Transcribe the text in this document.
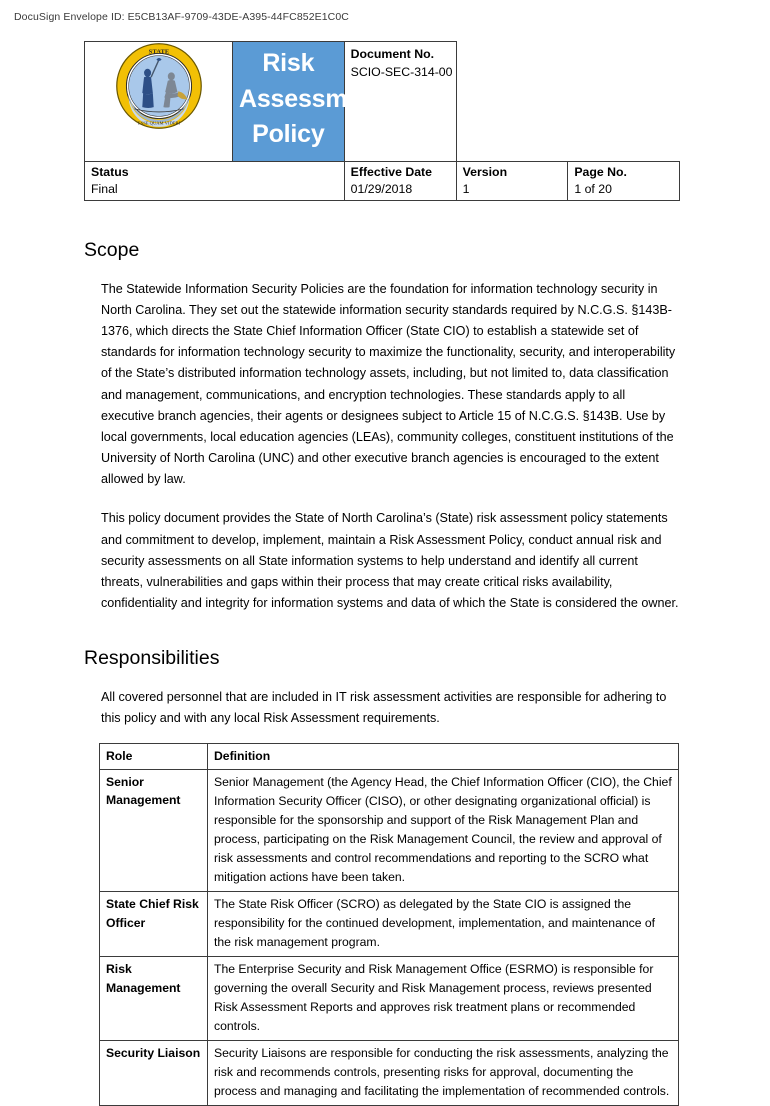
DocuSign Envelope ID: E5CB13AF-9709-43DE-A395-44FC852E1C0C
STATE
ESSE QUAM VIDERI

Risk
Assessment Policy

Document No.
SCIO-SEC-314-00

Status
Final

Effective Date
01/29/2018

Version
1

Page No.
1 of 20
Scope

The Statewide Information Security Policies are the foundation for information technology security in North Carolina. They set out the statewide information security standards required by N.C.G.S. §143B-1376, which directs the State Chief Information Officer (State CIO) to establish a statewide set of standards for information technology security to maximize the functionality, security, and interoperability of the State’s distributed information technology assets, including, but not limited to, data classification and management, communications, and encryption technologies. These standards apply to all executive branch agencies, their agents or designees subject to Article 15 of N.C.G.S. §143B. Use by local governments, local education agencies (LEAs), community colleges, constituent institutions of the University of North Carolina (UNC) and other executive branch agencies is encouraged to the extent allowed by law.

This policy document provides the State of North Carolina’s (State) risk assessment policy statements and commitment to develop, implement, maintain a Risk Assessment Policy, conduct annual risk and security assessments on all State information systems to help understand and identify all current threats, vulnerabilities and gaps within their process that may create critical risks availability, confidentiality and integrity for information systems and data of which the State is considered the owner.

Responsibilities

All covered personnel that are included in IT risk assessment activities are responsible for adhering to this policy and with any local Risk Assessment requirements.

Role	Definition
Senior Management	Senior Management (the Agency Head, the Chief Information Officer (CIO), the Chief Information Security Officer (CISO), or other designating organizational official) is responsible for the sponsorship and support of the Risk Management Plan and process, participating on the Risk Management Council, the review and approval of risk assessments and control recommendations and reporting to the SCRO what mitigation actions have been taken.
State Chief Risk Officer	The State Risk Officer (SCRO) as delegated by the State CIO is assigned the responsibility for the continued development, implementation, and maintenance of the risk management program.
Risk Management	The Enterprise Security and Risk Management Office (ESRMO) is responsible for governing the overall Security and Risk Management process, reviews presented Risk Assessment Reports and approves risk treatment plans or recommended controls.
Security Liaison	Security Liaisons are responsible for conducting the risk assessments, analyzing the risk and recommends controls, presenting risks for approval, documenting the process and managing and facilitating the implementation of recommended controls.
